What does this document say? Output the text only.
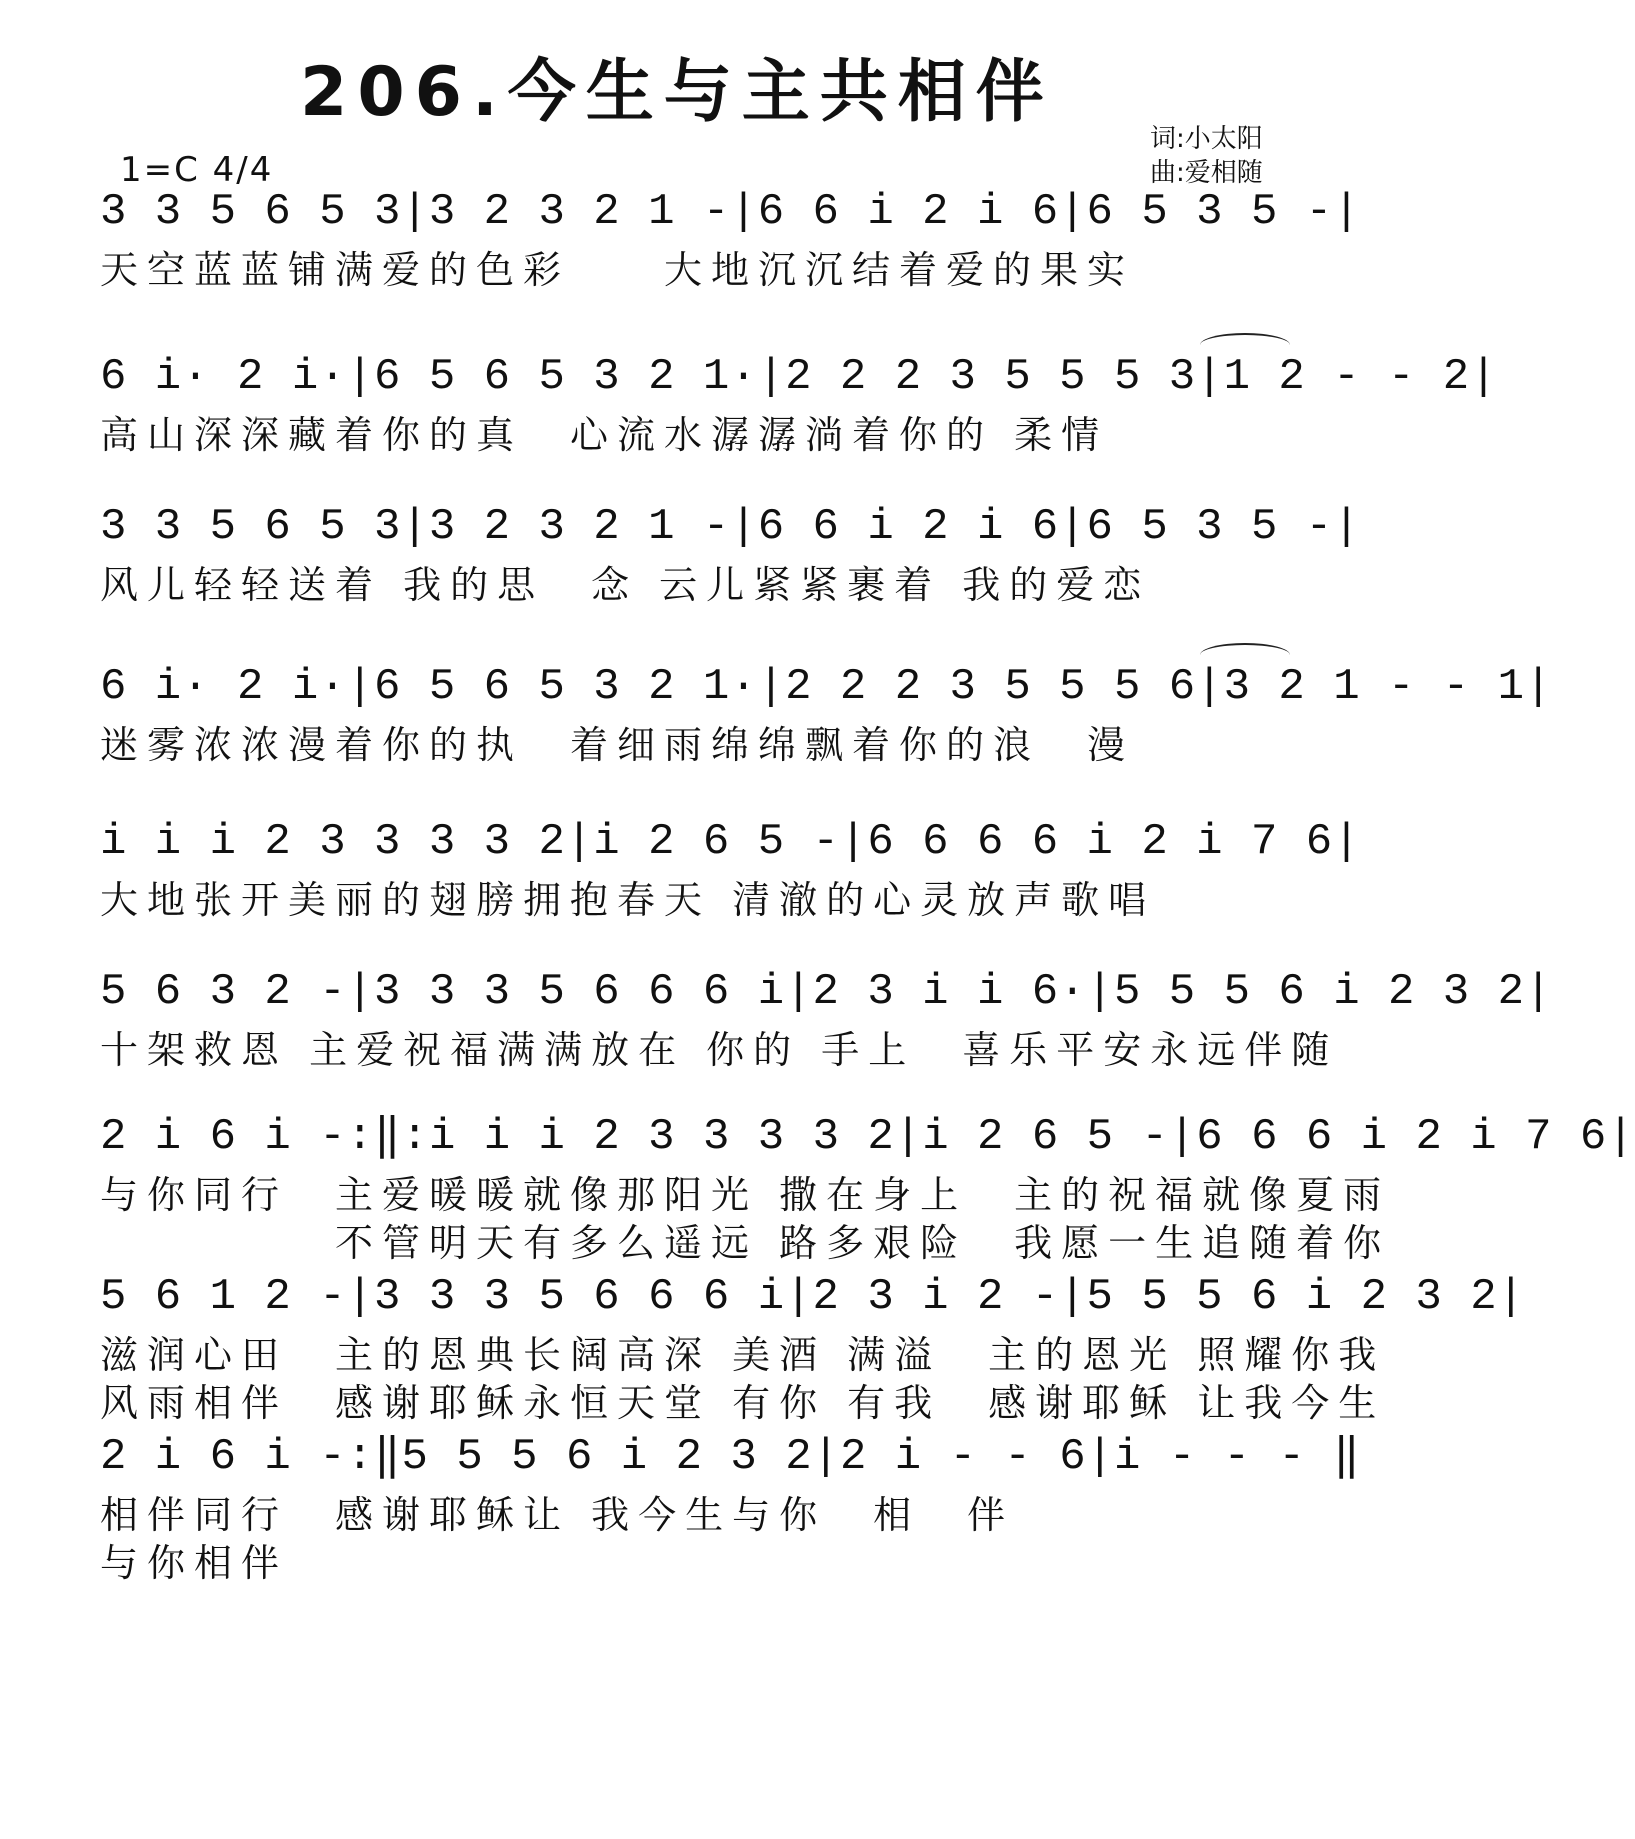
206.今生与主共相伴
1=C 4/4
词:小太阳
曲:爱相随
3 3 5 6 5 3|3 2 3 2 1 -|6 6 i 2 i 6|6 5 3 5 -|
天空蓝蓝铺满爱的色彩　　大地沉沉结着爱的果实
6 i· 2 i·|6 5 6 5 3 2 1·|2 2 2 3 5 5 5 3|1 2 - - 2|
高山深深藏着你的真　心流水潺潺淌着你的 柔情
3 3 5 6 5 3|3 2 3 2 1 -|6 6 i 2 i 6|6 5 3 5 -|
风儿轻轻送着 我的思　念 云儿紧紧裹着 我的爱恋
6 i· 2 i·|6 5 6 5 3 2 1·|2 2 2 3 5 5 5 6|3 2 1 - - 1|
迷雾浓浓漫着你的执　着细雨绵绵飘着你的浪　漫
i i i 2 3 3 3 3 2|i 2 6 5 -|6 6 6 6 i 2 i 7 6|
大地张开美丽的翅膀拥抱春天 清澈的心灵放声歌唱
5 6 3 2 -|3 3 3 5 6 6 6 i|2 3 i i 6·|5 5 5 6 i 2 3 2|
十架救恩 主爱祝福满满放在 你的 手上　喜乐平安永远伴随
2 i 6 i -:‖:i i i 2 3 3 3 3 2|i 2 6 5 -|6 6 6 i 2 i 7 6|
与你同行　主爱暖暖就像那阳光 撒在身上　主的祝福就像夏雨
　　　　　不管明天有多么遥远 路多艰险　我愿一生追随着你
5 6 1 2 -|3 3 3 5 6 6 6 i|2 3 i 2 -|5 5 5 6 i 2 3 2|
滋润心田　主的恩典长阔高深 美酒 满溢　主的恩光 照耀你我
风雨相伴　感谢耶稣永恒天堂 有你 有我　感谢耶稣 让我今生
2 i 6 i -:‖5 5 5 6 i 2 3 2|2 i - - 6|i - - - ‖
相伴同行　感谢耶稣让 我今生与你　相　伴
与你相伴
